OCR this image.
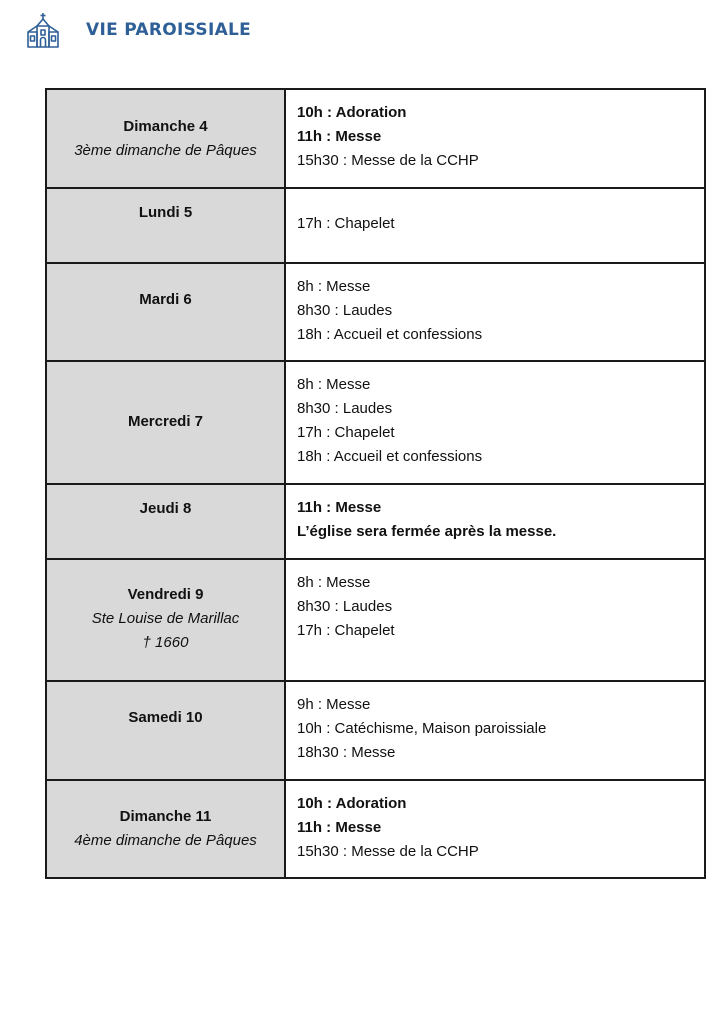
VIE PAROISSIALE
Dimanche 4
3ème dimanche de Pâques	10h : Adoration
11h : Messe
15h30 : Messe de la CCHP

Lundi 5	17h : Chapelet

Mardi 6	8h : Messe
8h30 : Laudes
18h : Accueil et confessions

Mercredi 7	8h : Messe
8h30 : Laudes
17h : Chapelet
18h : Accueil et confessions

Jeudi 8	11h : Messe
L’église sera fermée après la messe.

Vendredi 9
Ste Louise de Marillac
† 1660	8h : Messe
8h30 : Laudes
17h : Chapelet

Samedi 10	9h : Messe
10h : Catéchisme, Maison paroissiale
18h30 : Messe

Dimanche 11
4ème dimanche de Pâques	10h : Adoration
11h : Messe
15h30 : Messe de la CCHP
